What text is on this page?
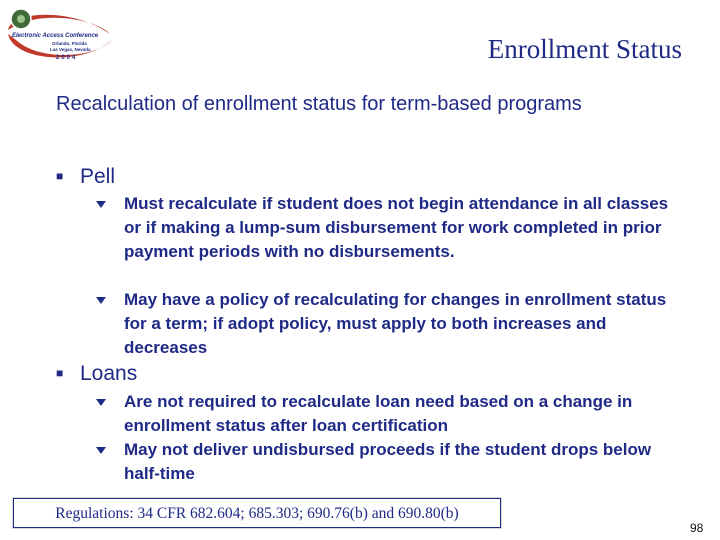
Electronic Access Conference
Orlando, Florida
Las Vegas, Nevada
2004	Enrollment Status
Recalculation of enrollment status for term-based programs
■ Pell
Must recalculate if student does not begin attendance in all classes or if making a lump-sum disbursement for work completed in prior payment periods with no disbursements.
May have a policy of recalculating for changes in enrollment status for a term; if adopt policy, must apply to both increases and decreases
■ Loans
Are not required to recalculate loan need based on a change in enrollment status after loan certification
May not deliver undisbursed proceeds if the student drops below half-time
Regulations: 34 CFR 682.604; 685.303; 690.76(b) and 690.80(b)
98
